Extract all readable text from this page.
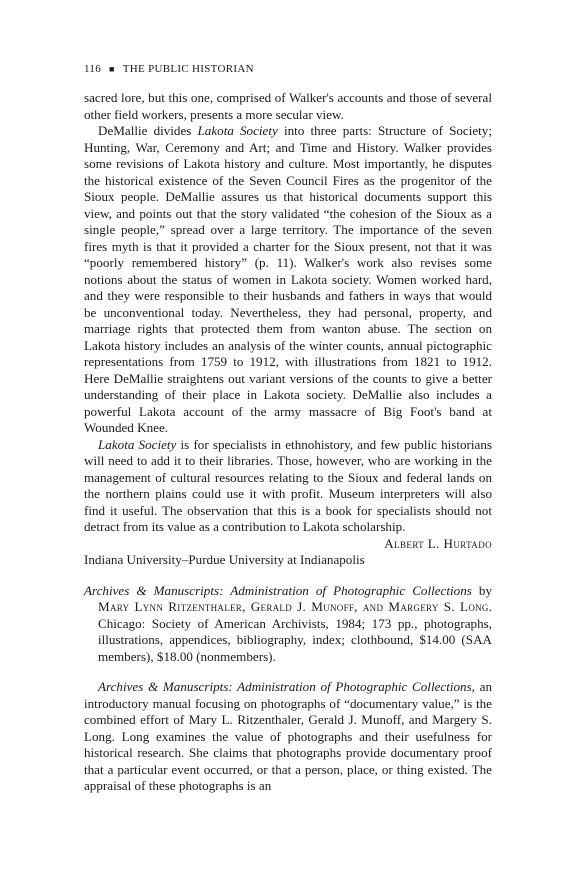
116 ■ THE PUBLIC HISTORIAN

sacred lore, but this one, comprised of Walker's accounts and those of several other field workers, presents a more secular view.

DeMallie divides Lakota Society into three parts: Structure of Society; Hunting, War, Ceremony and Art; and Time and History. Walker provides some revisions of Lakota history and culture. Most importantly, he disputes the historical existence of the Seven Council Fires as the progenitor of the Sioux people. DeMallie assures us that historical documents support this view, and points out that the story validated “the cohesion of the Sioux as a single people,” spread over a large territory. The importance of the seven fires myth is that it provided a charter for the Sioux present, not that it was “poorly remembered history” (p. 11). Walker's work also revises some notions about the status of women in Lakota society. Women worked hard, and they were responsible to their husbands and fathers in ways that would be unconventional today. Nevertheless, they had personal, property, and marriage rights that protected them from wanton abuse. The section on Lakota history includes an analysis of the winter counts, annual pictographic representations from 1759 to 1912, with illustrations from 1821 to 1912. Here DeMallie straightens out variant versions of the counts to give a better understanding of their place in Lakota society. DeMallie also includes a powerful Lakota account of the army massacre of Big Foot's band at Wounded Knee.

Lakota Society is for specialists in ethnohistory, and few public historians will need to add it to their libraries. Those, however, who are working in the management of cultural resources relating to the Sioux and federal lands on the northern plains could use it with profit. Museum interpreters will also find it useful. The observation that this is a book for specialists should not detract from its value as a contribution to Lakota scholarship.

Albert L. Hurtado

Indiana University–Purdue University at Indianapolis

Archives & Manuscripts: Administration of Photographic Collections by Mary Lynn Ritzenthaler, Gerald J. Munoff, and Margery S. Long. Chicago: Society of American Archivists, 1984; 173 pp., photographs, illustrations, appendices, bibliography, index; clothbound, $14.00 (SAA members), $18.00 (nonmembers).

Archives & Manuscripts: Administration of Photographic Collections, an introductory manual focusing on photographs of “documentary value,” is the combined effort of Mary L. Ritzenthaler, Gerald J. Munoff, and Margery S. Long. Long examines the value of photographs and their usefulness for historical research. She claims that photographs provide documentary proof that a particular event occurred, or that a person, place, or thing existed. The appraisal of these photographs is an
